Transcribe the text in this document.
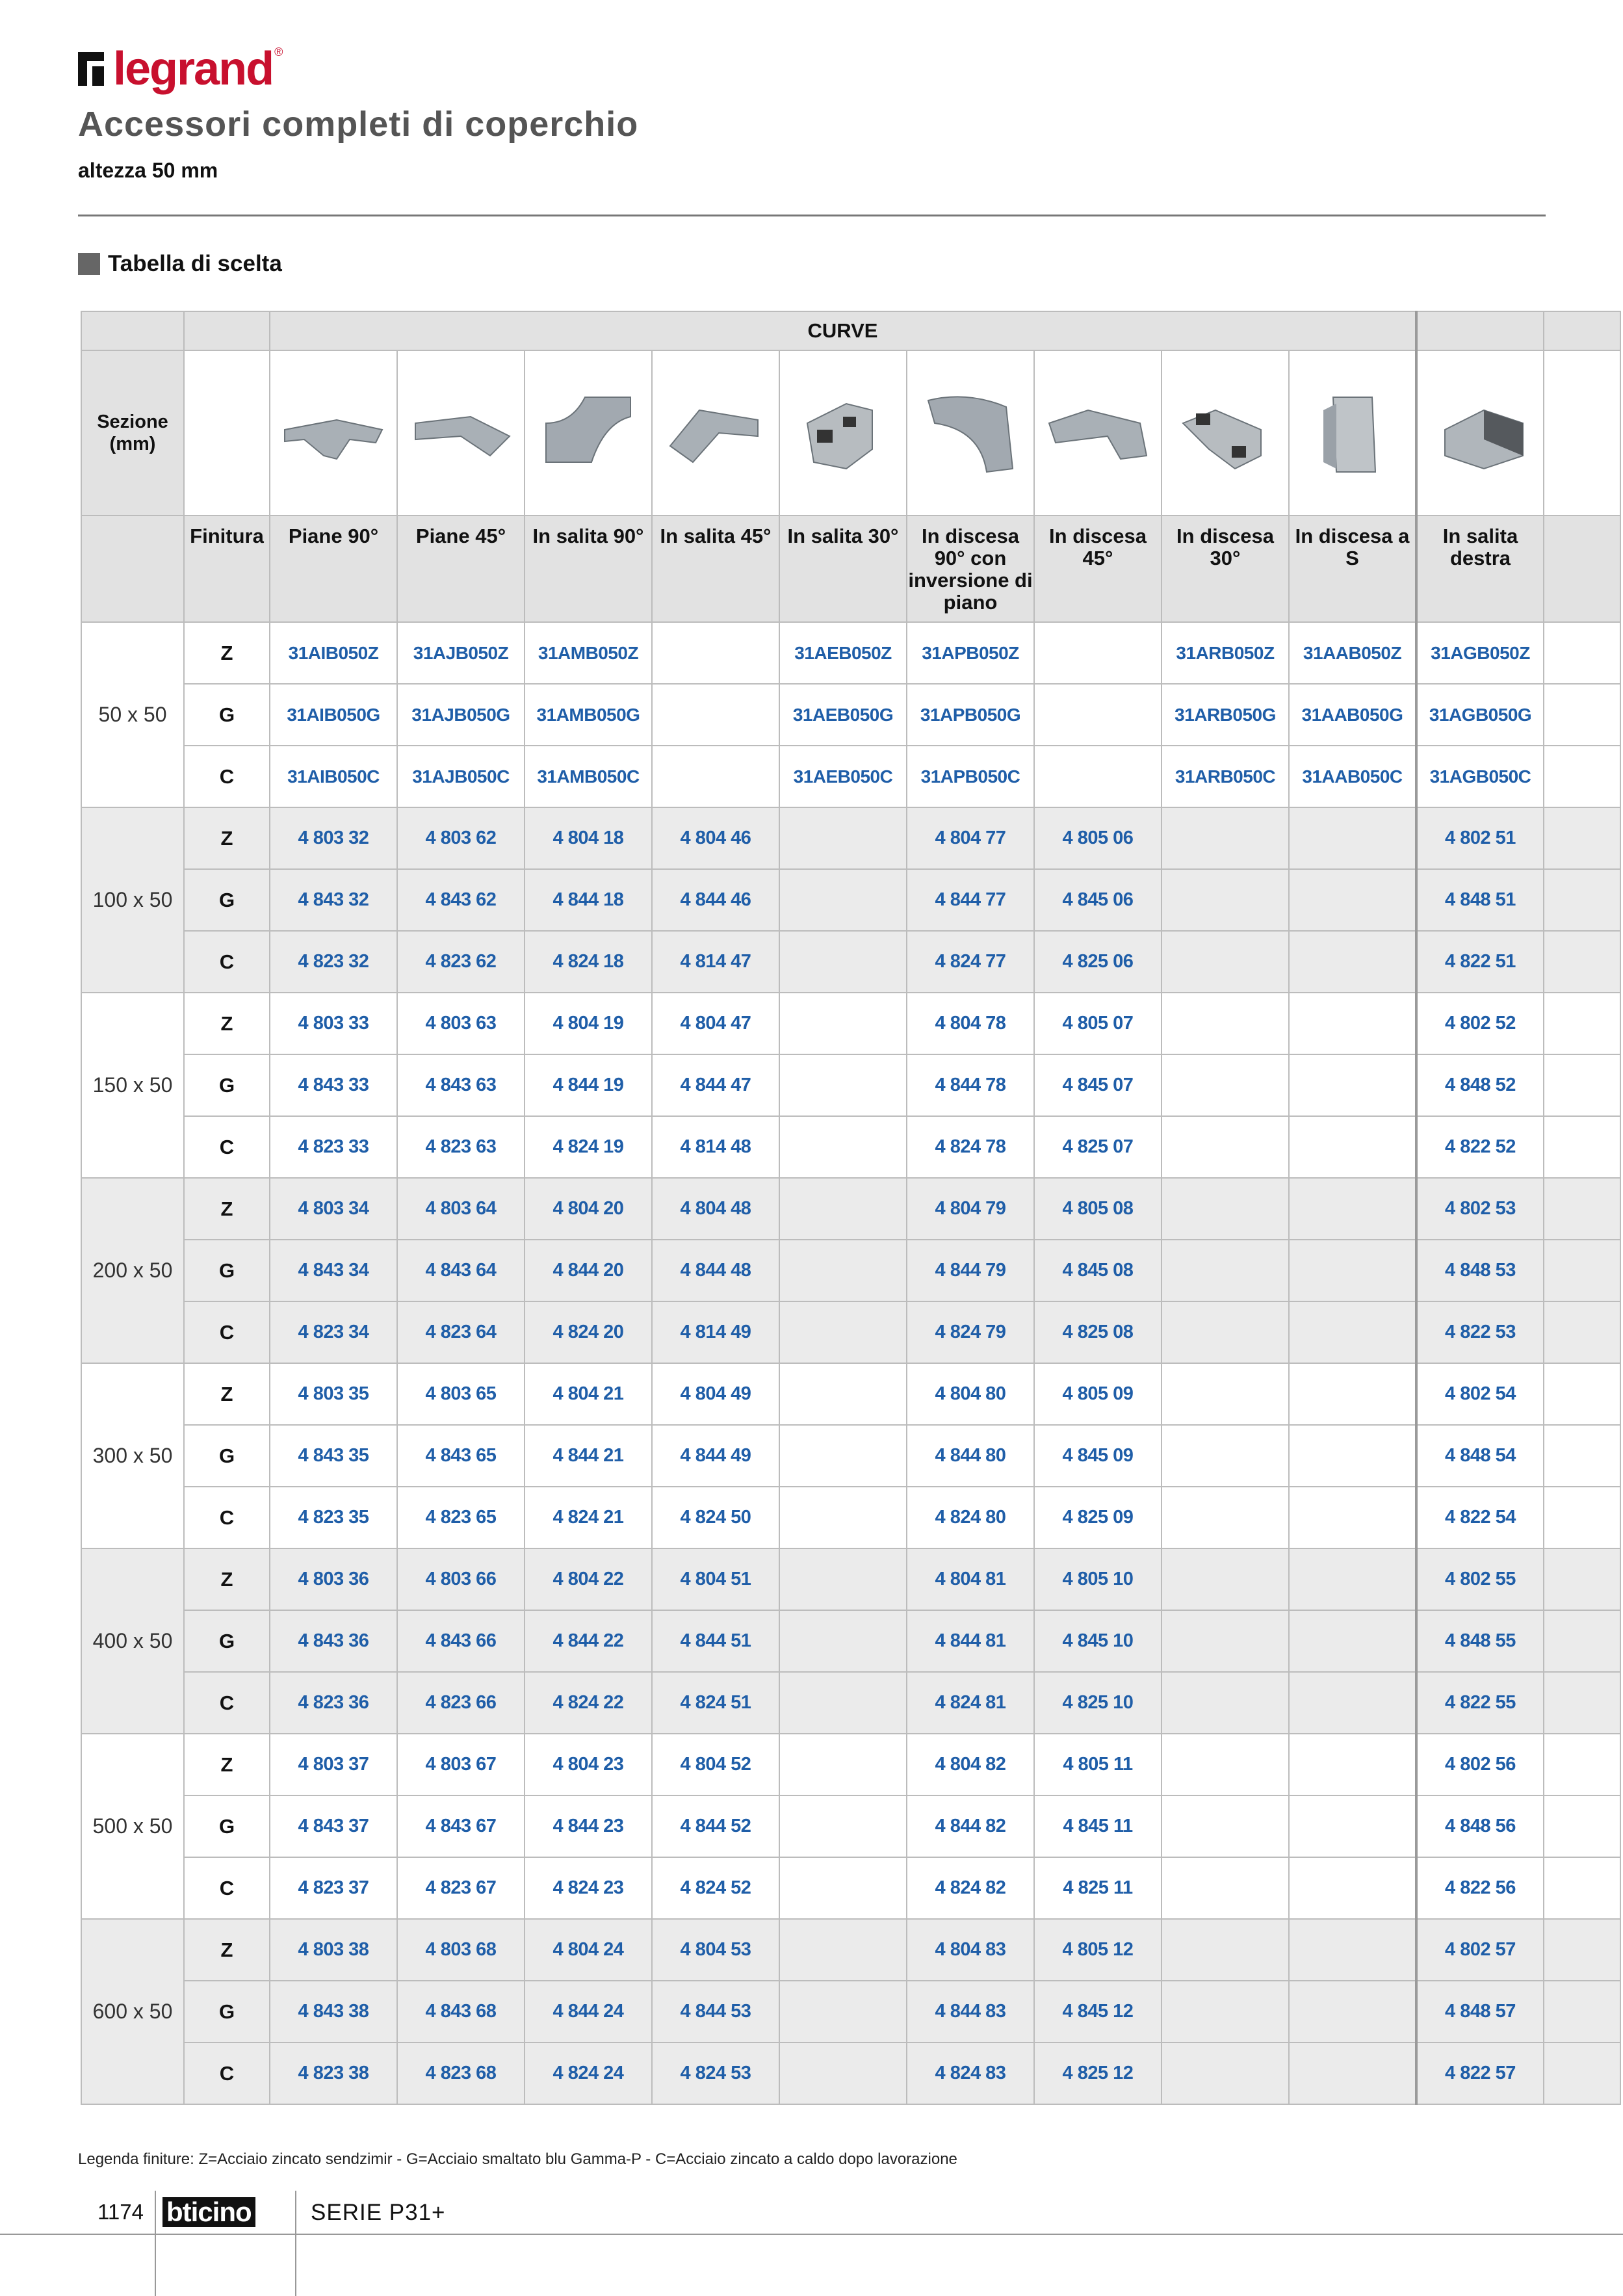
legrand ®
Accessori completi di coperchio
altezza 50 mm
Tabella di scelta
		CURVE										
Sezione (mm)		

	Finitura	Piane 90°	Piane 45°	In salita 90°	In salita 45°	In salita 30°	In discesa 90° con inversione di piano	In discesa 45°	In discesa 30°	In discesa a S	In salita destra	
50 x 50	Z	31AIB050Z	31AJB050Z	31AMB050Z		31AEB050Z	31APB050Z		31ARB050Z	31AAB050Z	31AGB050Z	
	G	31AIB050G	31AJB050G	31AMB050G		31AEB050G	31APB050G		31ARB050G	31AAB050G	31AGB050G	
	C	31AIB050C	31AJB050C	31AMB050C		31AEB050C	31APB050C		31ARB050C	31AAB050C	31AGB050C	
100 x 50	Z	4 803 32	4 803 62	4 804 18	4 804 46		4 804 77	4 805 06			4 802 51	
	G	4 843 32	4 843 62	4 844 18	4 844 46		4 844 77	4 845 06			4 848 51	
	C	4 823 32	4 823 62	4 824 18	4 814 47		4 824 77	4 825 06			4 822 51	
150 x 50	Z	4 803 33	4 803 63	4 804 19	4 804 47		4 804 78	4 805 07			4 802 52	
	G	4 843 33	4 843 63	4 844 19	4 844 47		4 844 78	4 845 07			4 848 52	
	C	4 823 33	4 823 63	4 824 19	4 814 48		4 824 78	4 825 07			4 822 52	
200 x 50	Z	4 803 34	4 803 64	4 804 20	4 804 48		4 804 79	4 805 08			4 802 53	
	G	4 843 34	4 843 64	4 844 20	4 844 48		4 844 79	4 845 08			4 848 53	
	C	4 823 34	4 823 64	4 824 20	4 814 49		4 824 79	4 825 08			4 822 53	
300 x 50	Z	4 803 35	4 803 65	4 804 21	4 804 49		4 804 80	4 805 09			4 802 54	
	G	4 843 35	4 843 65	4 844 21	4 844 49		4 844 80	4 845 09			4 848 54	
	C	4 823 35	4 823 65	4 824 21	4 824 50		4 824 80	4 825 09			4 822 54	
400 x 50	Z	4 803 36	4 803 66	4 804 22	4 804 51		4 804 81	4 805 10			4 802 55	
	G	4 843 36	4 843 66	4 844 22	4 844 51		4 844 81	4 845 10			4 848 55	
	C	4 823 36	4 823 66	4 824 22	4 824 51		4 824 81	4 825 10			4 822 55	
500 x 50	Z	4 803 37	4 803 67	4 804 23	4 804 52		4 804 82	4 805 11			4 802 56	
	G	4 843 37	4 843 67	4 844 23	4 844 52		4 844 82	4 845 11			4 848 56	
	C	4 823 37	4 823 67	4 824 23	4 824 52		4 824 82	4 825 11			4 822 56	
600 x 50	Z	4 803 38	4 803 68	4 804 24	4 804 53		4 804 83	4 805 12			4 802 57	
	G	4 843 38	4 843 68	4 844 24	4 844 53		4 844 83	4 845 12			4 848 57	
	C	4 823 38	4 823 68	4 824 24	4 824 53		4 824 83	4 825 12			4 822 57	
Legenda finiture: Z=Acciaio zincato sendzimir - G=Acciaio smaltato blu Gamma-P - C=Acciaio zincato a caldo dopo lavorazione
1174 bticino	SERIE P31+
